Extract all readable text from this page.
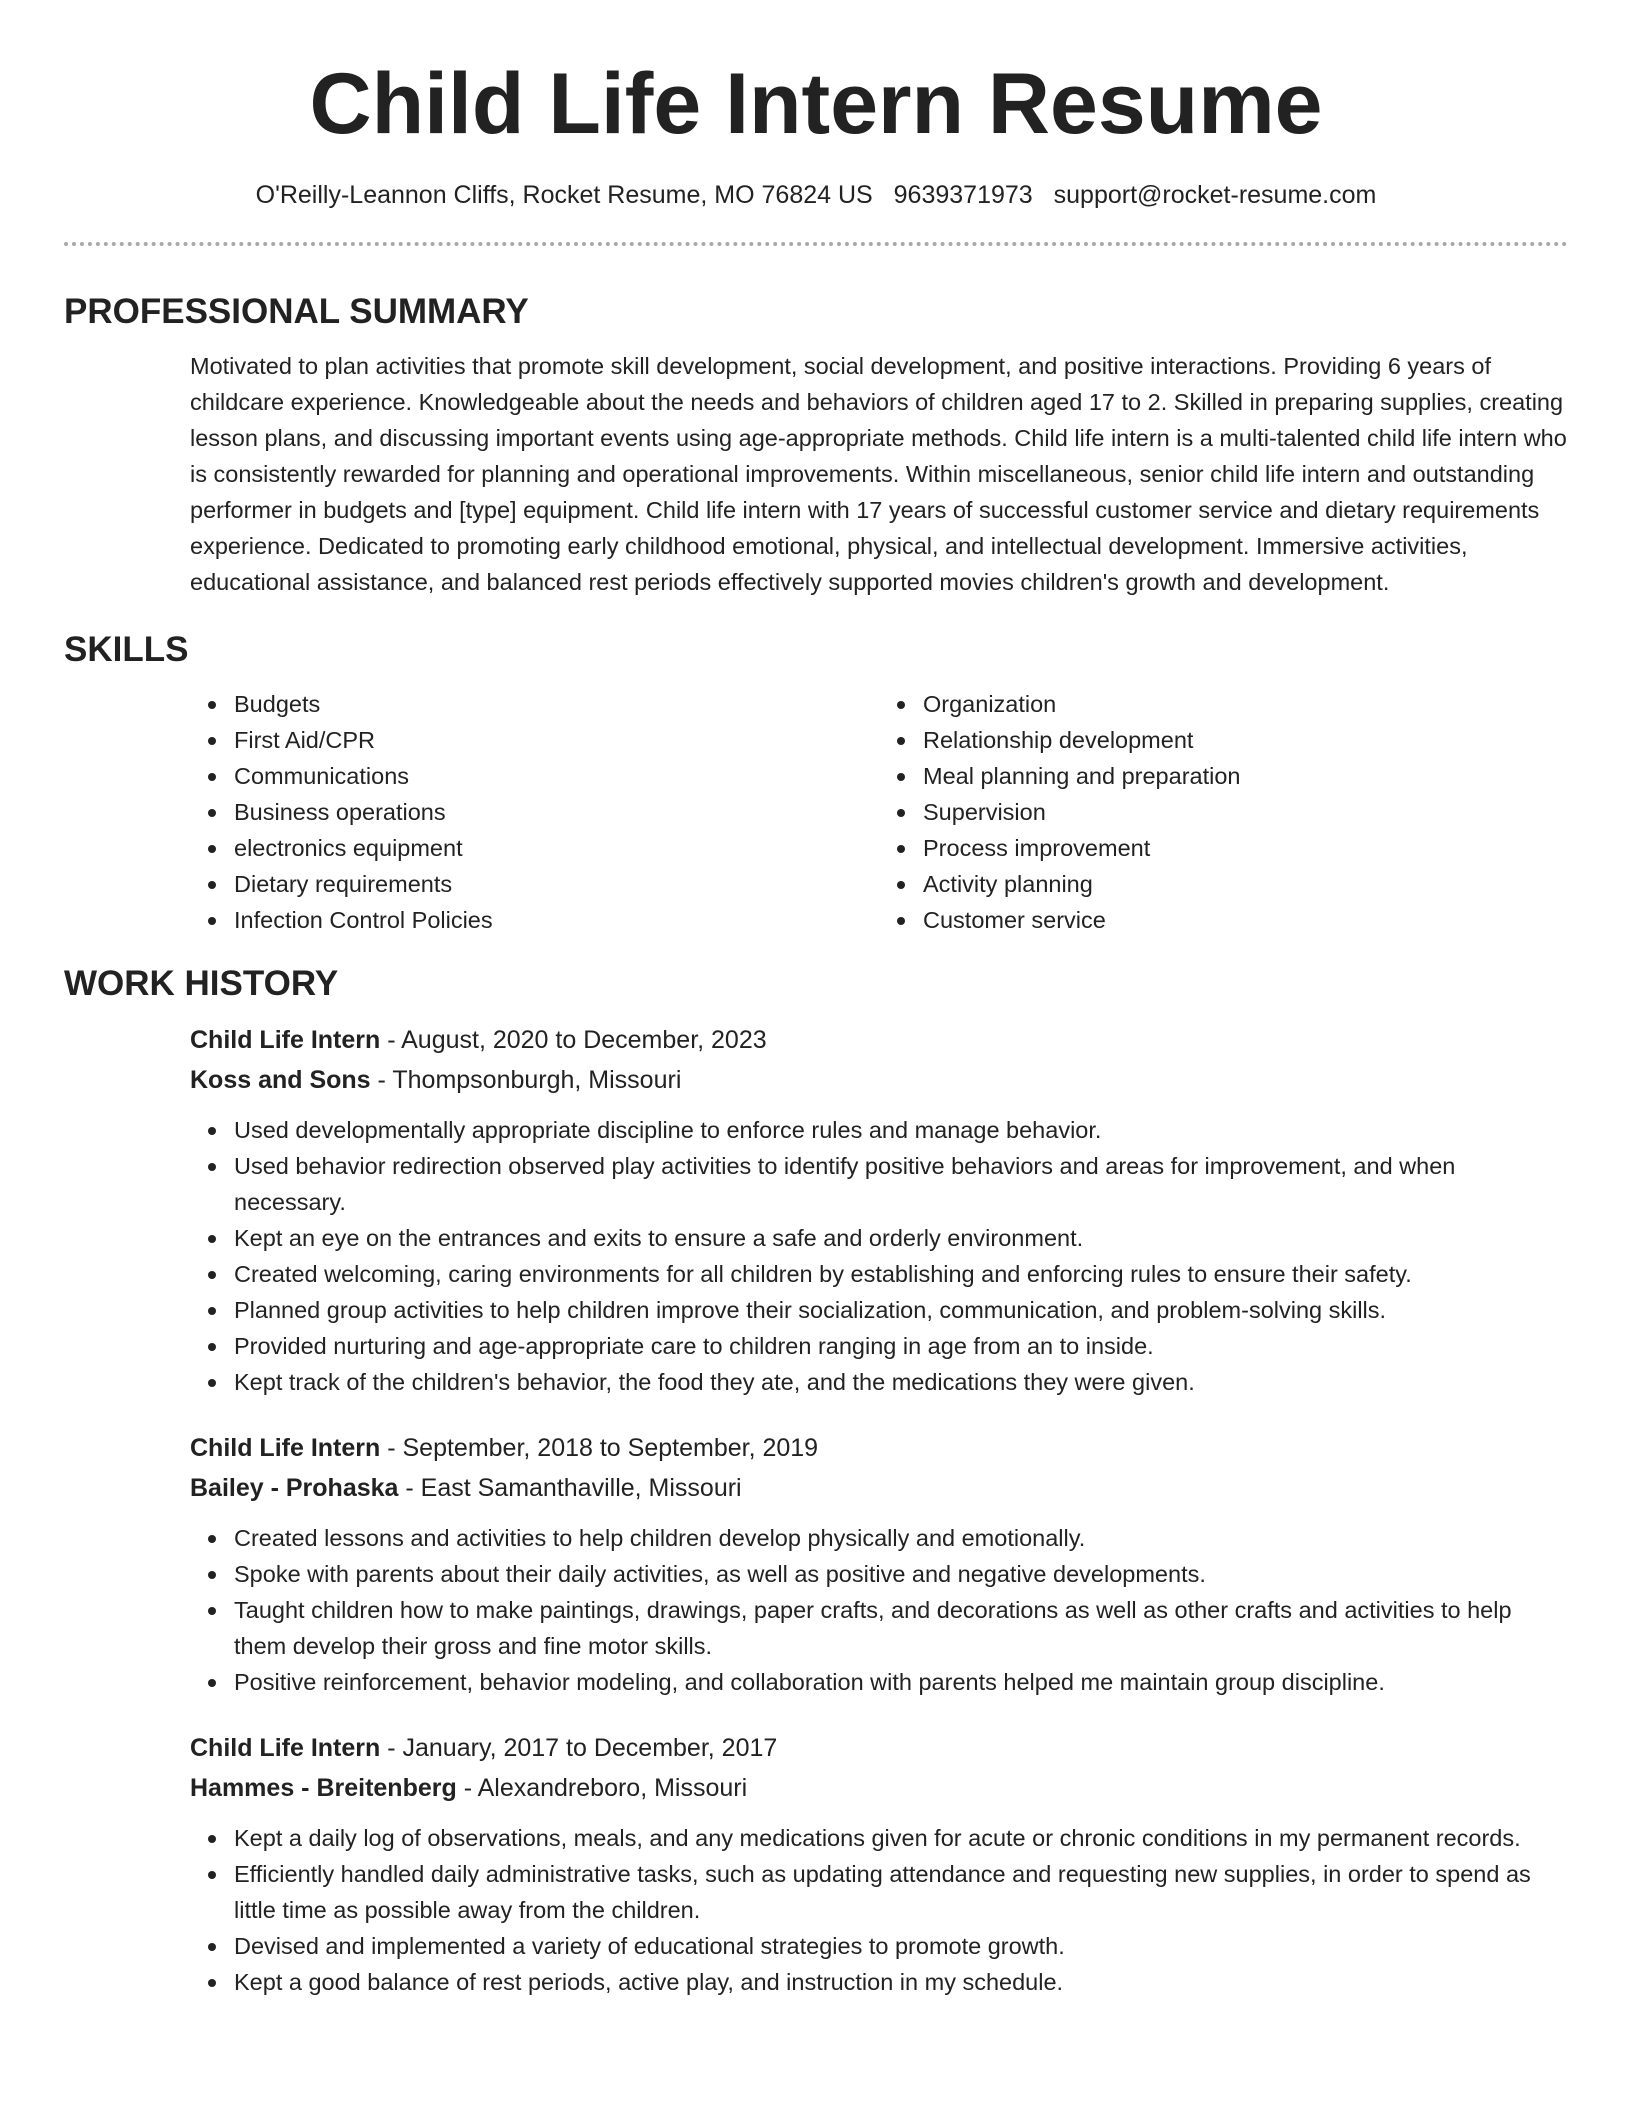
Child Life Intern Resume
O'Reilly-Leannon Cliffs, Rocket Resume, MO 76824 US 9639371973 support@rocket-resume.com
PROFESSIONAL SUMMARY

Motivated to plan activities that promote skill development, social development, and positive interactions. Providing 6 years of childcare experience. Knowledgeable about the needs and behaviors of children aged 17 to 2. Skilled in preparing supplies, creating lesson plans, and discussing important events using age-appropriate methods. Child life intern is a multi-talented child life intern who is consistently rewarded for planning and operational improvements. Within miscellaneous, senior child life intern and outstanding performer in budgets and [type] equipment. Child life intern with 17 years of successful customer service and dietary requirements experience. Dedicated to promoting early childhood emotional, physical, and intellectual development. Immersive activities, educational assistance, and balanced rest periods effectively supported movies children's growth and development.

SKILLS
Budgets
First Aid/CPR
Communications
Business operations
electronics equipment
Dietary requirements
Infection Control Policies
Organization
Relationship development
Meal planning and preparation
Supervision
Process improvement
Activity planning
Customer service
WORK HISTORY
Child Life Intern - August, 2020 to December, 2023
Koss and Sons - Thompsonburgh, Missouri
Used developmentally appropriate discipline to enforce rules and manage behavior.
Used behavior redirection observed play activities to identify positive behaviors and areas for improvement, and when necessary.
Kept an eye on the entrances and exits to ensure a safe and orderly environment.
Created welcoming, caring environments for all children by establishing and enforcing rules to ensure their safety.
Planned group activities to help children improve their socialization, communication, and problem-solving skills.
Provided nurturing and age-appropriate care to children ranging in age from an to inside.
Kept track of the children's behavior, the food they ate, and the medications they were given.
Child Life Intern - September, 2018 to September, 2019
Bailey - Prohaska - East Samanthaville, Missouri
Created lessons and activities to help children develop physically and emotionally.
Spoke with parents about their daily activities, as well as positive and negative developments.
Taught children how to make paintings, drawings, paper crafts, and decorations as well as other crafts and activities to help them develop their gross and fine motor skills.
Positive reinforcement, behavior modeling, and collaboration with parents helped me maintain group discipline.
Child Life Intern - January, 2017 to December, 2017
Hammes - Breitenberg - Alexandreboro, Missouri
Kept a daily log of observations, meals, and any medications given for acute or chronic conditions in my permanent records.
Efficiently handled daily administrative tasks, such as updating attendance and requesting new supplies, in order to spend as little time as possible away from the children.
Devised and implemented a variety of educational strategies to promote growth.
Kept a good balance of rest periods, active play, and instruction in my schedule.
